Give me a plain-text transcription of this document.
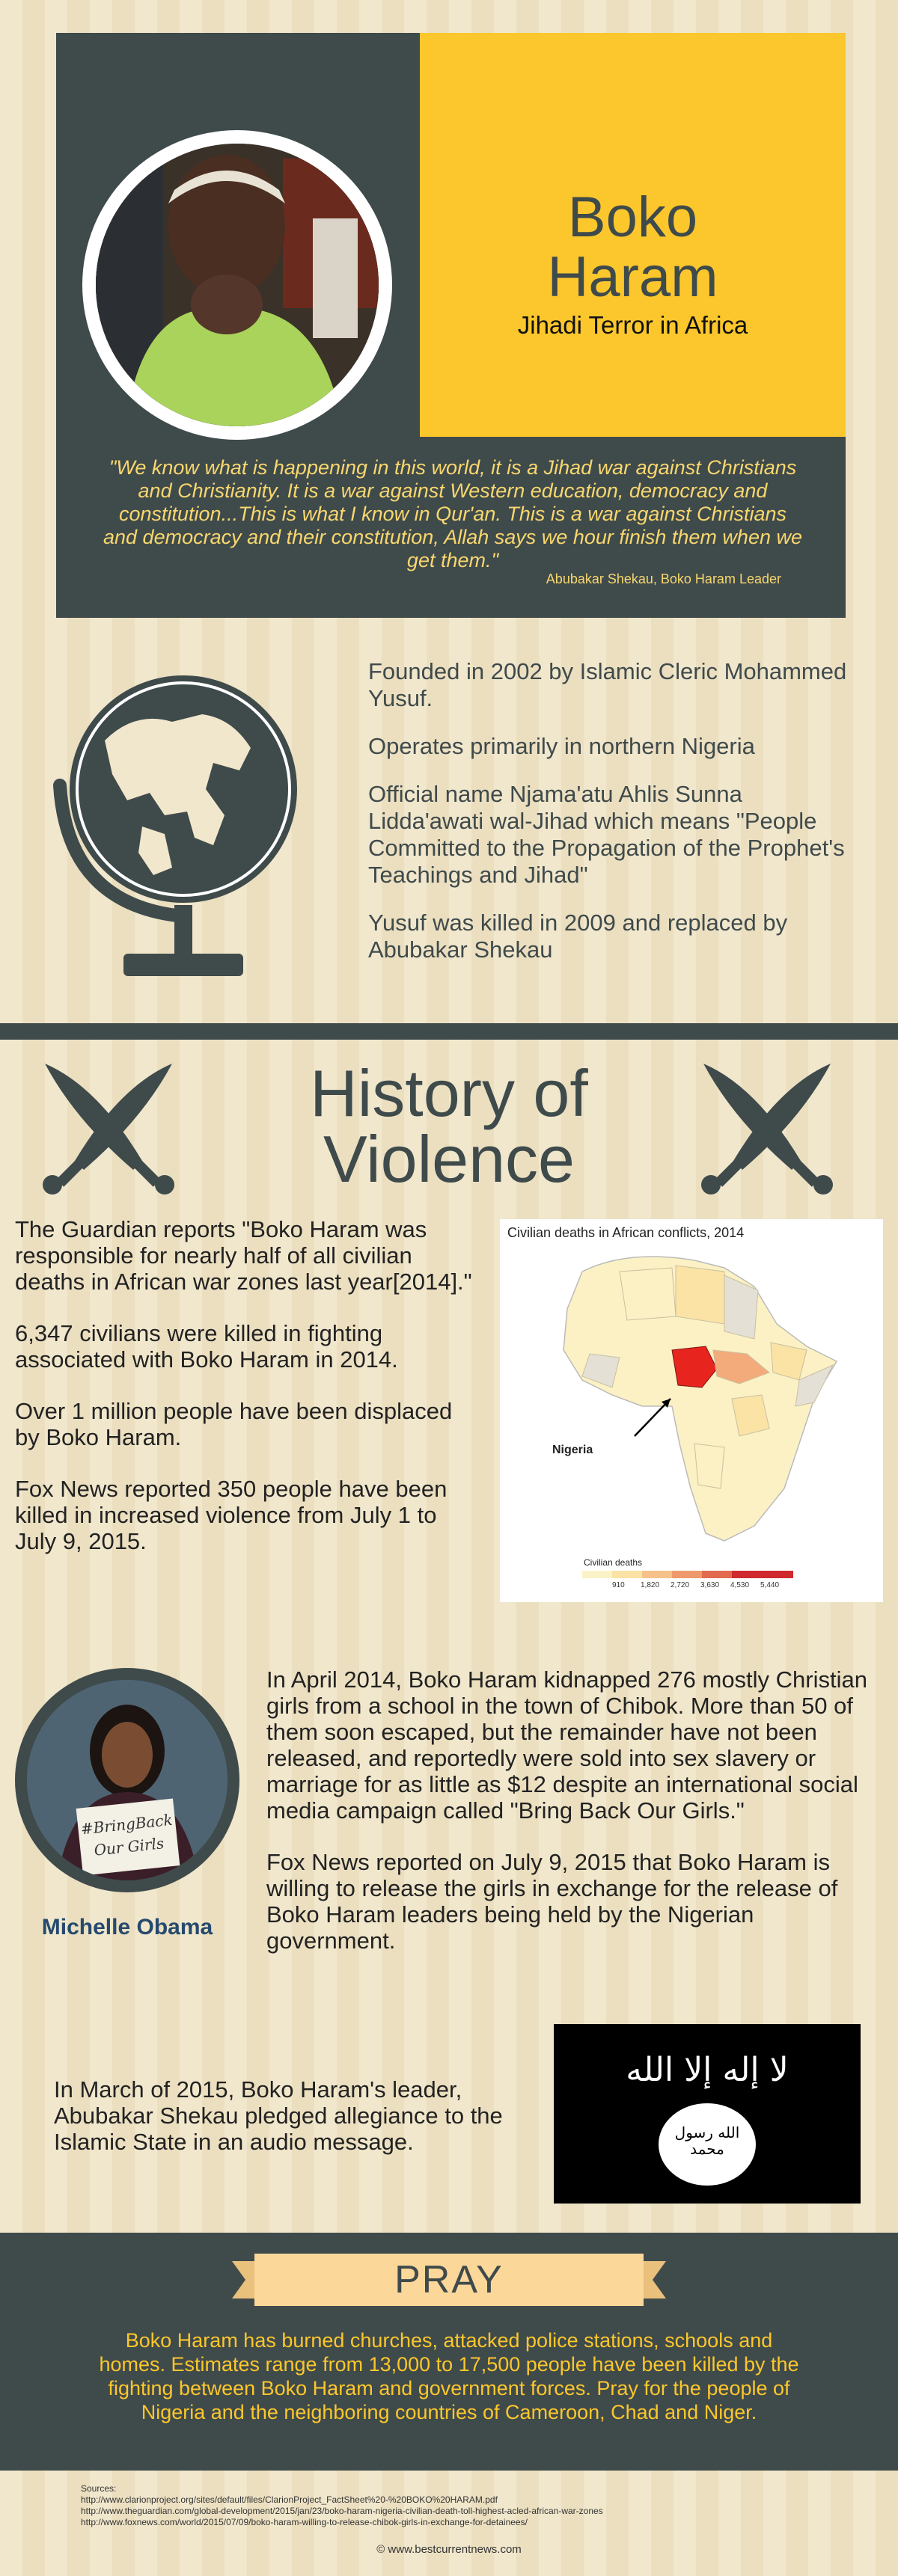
Boko
Haram
Jihadi Terror in Africa
"We know what is happening in this world, it is a Jihad war against Christians and Christianity. It is a war against Western education, democracy and constitution...This is what I know in Qur'an. This is a war against Christians and democracy and their constitution, Allah says we hour finish them when we get them."
Abubakar Shekau, Boko Haram Leader

Founded in 2002 by Islamic Cleric Mohammed Yusuf.

Operates primarily in northern Nigeria

Official name Njama'atu Ahlis Sunna Lidda'awati wal-Jihad which means "People Committed to the Propagation of the Prophet's Teachings and Jihad"

Yusuf was killed in 2009 and replaced by Abubakar Shekau

History of
Violence

The Guardian reports "Boko Haram was responsible for nearly half of all civilian deaths in African war zones last year[2014]."

6,347 civilians were killed in fighting associated with Boko Haram in 2014.

Over 1 million people have been displaced by Boko Haram.

Fox News reported 350 people have been killed in increased violence from July 1 to July 9, 2015.

Civilian deaths in African conflicts, 2014
Nigeria
Civilian deaths
910 1,820 2,720 3,630 4,530 5,440
#BringBack
Our Girls
Michelle Obama

In April 2014, Boko Haram kidnapped 276 mostly Christian girls from a school in the town of Chibok. More than 50 of them soon escaped, but the remainder have not been released, and reportedly were sold into sex slavery or marriage for as little as $12 despite an international social media campaign called "Bring Back Our Girls."

Fox News reported on July 9, 2015 that Boko Haram is willing to release the girls in exchange for the release of Boko Haram leaders being held by the Nigerian government.

In March of 2015, Boko Haram's leader, Abubakar Shekau pledged allegiance to the Islamic State in an audio message.
لا إله إلا الله
الله رسول محمد
PRAY
Boko Haram has burned churches, attacked police stations, schools and homes. Estimates range from 13,000 to 17,500 people have been killed by the fighting between Boko Haram and government forces. Pray for the people of Nigeria and the neighboring countries of Cameroon, Chad and Niger.
Sources:
http://www.clarionproject.org/sites/default/files/ClarionProject_FactSheet%20-%20BOKO%20HARAM.pdf
http://www.theguardian.com/global-development/2015/jan/23/boko-haram-nigeria-civilian-death-toll-highest-acled-african-war-zones
http://www.foxnews.com/world/2015/07/09/boko-haram-willing-to-release-chibok-girls-in-exchange-for-detainees/
© www.bestcurrentnews.com
